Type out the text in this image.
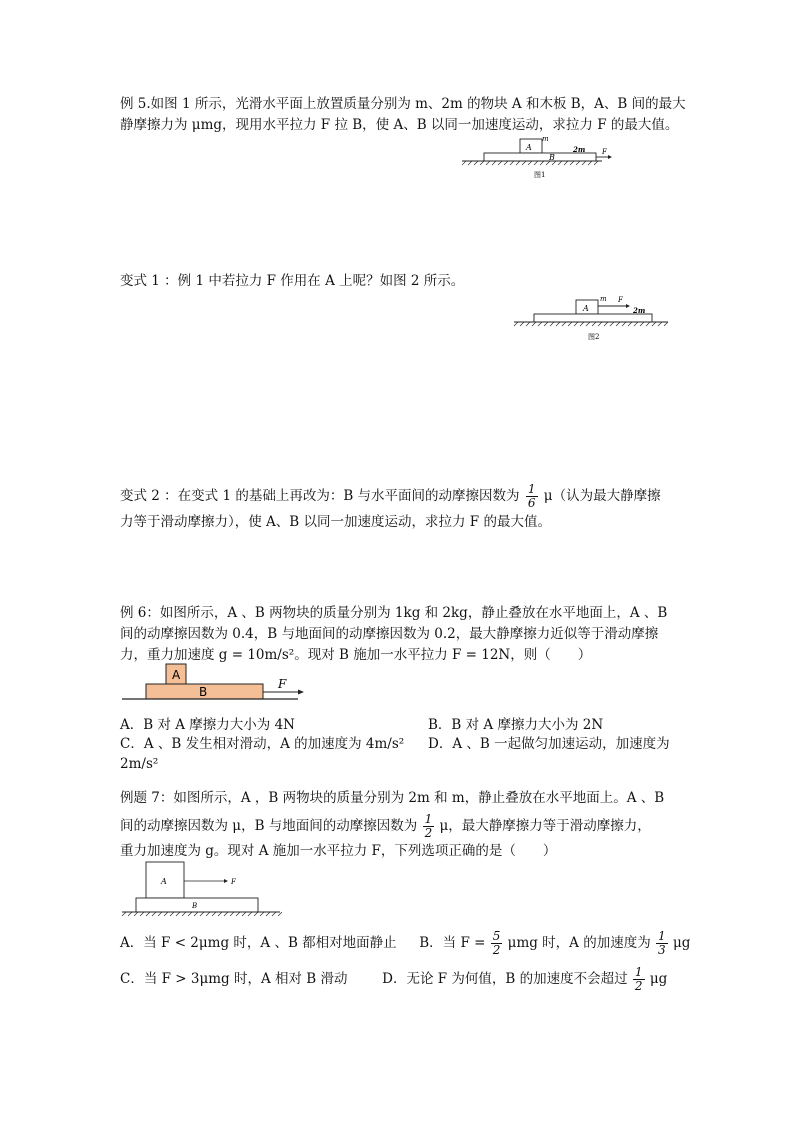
例 5.如图 1 所示，光滑水平面上放置质量分别为 m、2m 的物块 A 和木板 B，A、B 间的最大
静摩擦力为 μmg，现用水平拉力 F 拉 B，使 A、B 以同一加速度运动，求拉力 F 的最大值。
A
m
B
2m F
图1
变式 1 ：例 1 中若拉力 F 作用在 A 上呢？如图 2 所示。
A
m F
2m
图2
变式 2 ：在变式 1 的基础上再改为：B 与水平面间的动摩擦因数为 $\frac{1}{6} \mu$（认为最大静摩擦
力等于滑动摩擦力），使 A、B 以同一加速度运动，求拉力 F 的最大值。
例 6：如图所示，A 、B 两物块的质量分别为 1kg 和 2kg，静止叠放在水平地面上，A 、B
间的动摩擦因数为 0.4，B 与地面间的动摩擦因数为 0.2，最大静摩擦力近似等于滑动摩擦
力，重力加速度 g = 10m/s²。现对 B 施加一水平拉力 F = 12N，则（　　）
A
B
F
A．B 对 A 摩擦力大小为 4N	B．B 对 A 摩擦力大小为 2N
C．A 、B 发生相对滑动，A 的加速度为 4m/s² D．A 、B 一起做匀加速运动，加速度为
2m/s²
例题 7：如图所示，A ，B 两物块的质量分别为 2m 和 m，静止叠放在水平地面上。A 、B
间的动摩擦因数为 μ，B 与地面间的动摩擦因数为 $\frac{1}{2}$ μ，最大静摩擦力等于滑动摩擦力，
重力加速度为 g。现对 A 施加一水平拉力 F，下列选项正确的是（　　）
A	F
B
A．当 F < 2μmg 时，A 、B 都相对地面静止 B．当 $F = \frac{5}{2}$ μmg 时，A 的加速度为 $\frac{1}{3}$ μg
C．当 F > 3μmg 时，A 相对 B 滑动	D．无论 F 为何值，B 的加速度不会超过 $\frac{1}{2}$ μg
